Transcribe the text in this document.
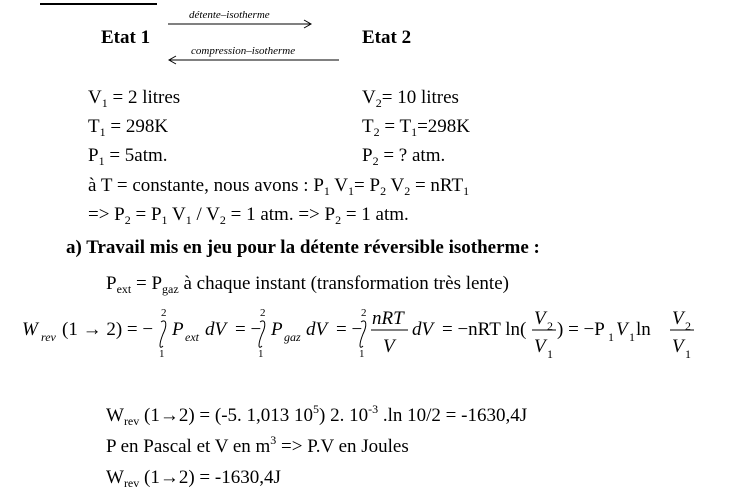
Etat 1	Etat 2
détente–isotherme
compression–isotherme
$V_1 = 2$ litres
$T_1 = 298K$
$P_1 = 5atm$.
$V_2= 10$ litres
$T_2 = T_1=298K$
$P_2$ = ? atm.
à T = constante, nous avons : $P_1$ $V_1= P_2$ $V_2 = nRT_1$
=> $P_2 = P_1$ $V_1 / V_2 = 1$ atm. => $P_2 = 1$ atm.
a) Travail mis en jeu pour la détente réversible isotherme :
$P_{ext} = P_{gaz}$ à chaque instant (transformation très lente)
W rev (1 → 2) = −
2
1
P ext dV = −
2
1
P gaz dV = −
2
1
nRT
V
dV = −nRT ln(
V 2
V 1
) = −P 1 V 1 ln
V 2
V 1
$W_{rev}$ (1→2) = (-5. 1,013 $10^5$) 2. $10^{-3}$ .ln 10/2 = -1630,4J
P en Pascal et V en $m^3 => P.V$ en Joules
$W_{rev}$ (1→2) = -1630,4J
